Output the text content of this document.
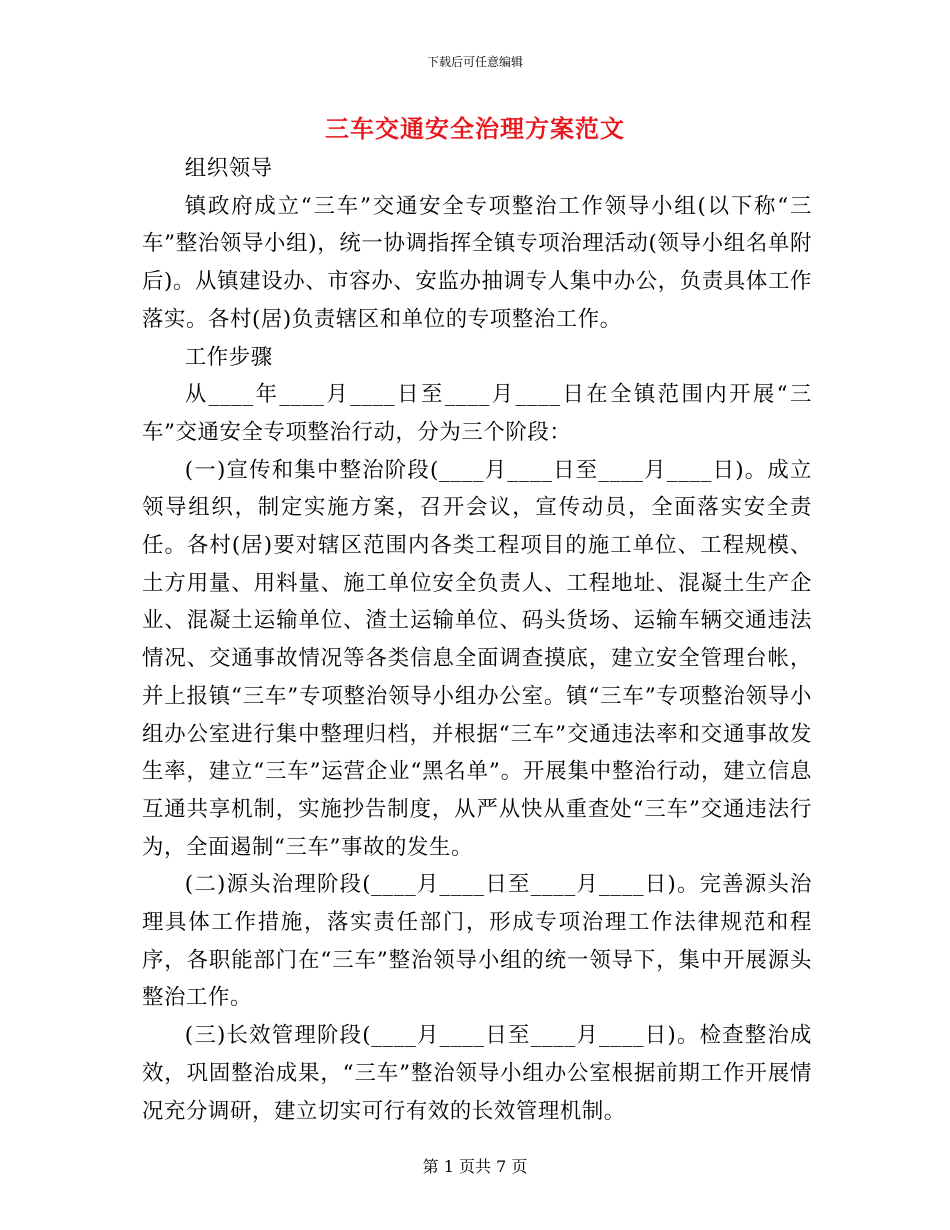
下载后可任意编辑
三车交通安全治理方案范文

组织领导

镇政府成立“三车”交通安全专项整治工作领导小组(以下称“三车”整治领导小组)，统一协调指挥全镇专项治理活动(领导小组名单附后)。从镇建设办、市容办、安监办抽调专人集中办公，负责具体工作落实。各村(居)负责辖区和单位的专项整治工作。

工作步骤

从____年____月____日至____月____日在全镇范围内开展“三车”交通安全专项整治行动，分为三个阶段：

(一)宣传和集中整治阶段(____月____日至____月____日)。成立领导组织，制定实施方案，召开会议，宣传动员，全面落实安全责任。各村(居)要对辖区范围内各类工程项目的施工单位、工程规模、土方用量、用料量、施工单位安全负责人、工程地址、混凝土生产企业、混凝土运输单位、渣土运输单位、码头货场、运输车辆交通违法情况、交通事故情况等各类信息全面调查摸底，建立安全管理台帐，并上报镇“三车”专项整治领导小组办公室。镇“三车”专项整治领导小组办公室进行集中整理归档，并根据“三车”交通违法率和交通事故发生率，建立“三车”运营企业“黑名单”。开展集中整治行动，建立信息互通共享机制，实施抄告制度，从严从快从重查处“三车”交通违法行为，全面遏制“三车”事故的发生。

(二)源头治理阶段(____月____日至____月____日)。完善源头治理具体工作措施，落实责任部门，形成专项治理工作法律规范和程序，各职能部门在“三车”整治领导小组的统一领导下，集中开展源头整治工作。

(三)长效管理阶段(____月____日至____月____日)。检查整治成效，巩固整治成果，“三车”整治领导小组办公室根据前期工作开展情况充分调研，建立切实可行有效的长效管理机制。

第 1 页共 7 页
